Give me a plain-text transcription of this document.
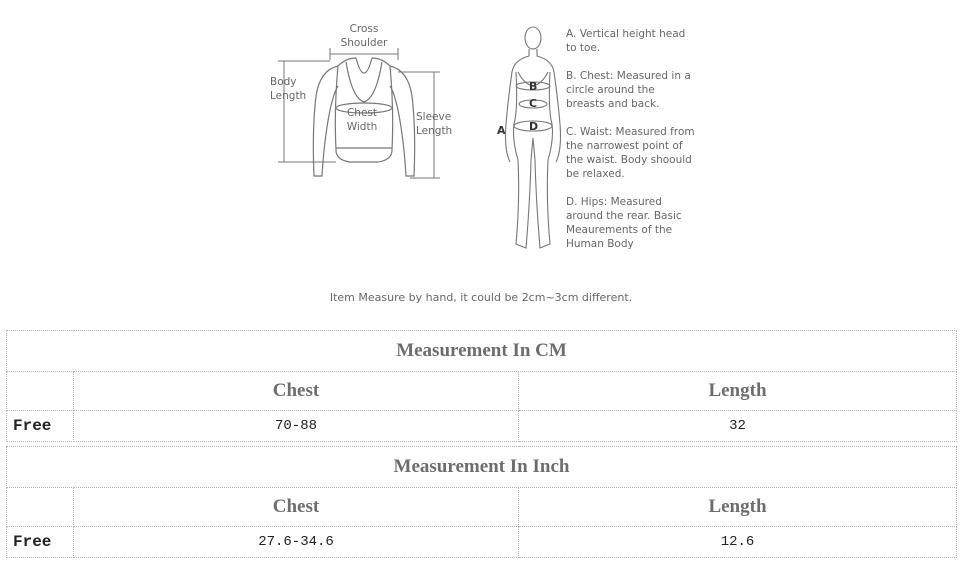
Cross Shoulder
Body Length
Chest Width
Sleeve Length	A
B
C
D
A. Vertical height head to toe.
B. Chest: Measured in a circle around the breasts and back.
C. Waist: Measured from the narrowest point of the waist. Body shoould be relaxed.
D. Hips: Measured around the rear. Basic Meaurements of the Human Body
Item Measure by hand, it could be 2cm~3cm different.
Measurement In CM		
	Chest	Length
Free	70-88	32
Measurement In Inch		
	Chest	Length
Free	27.6-34.6	12.6
